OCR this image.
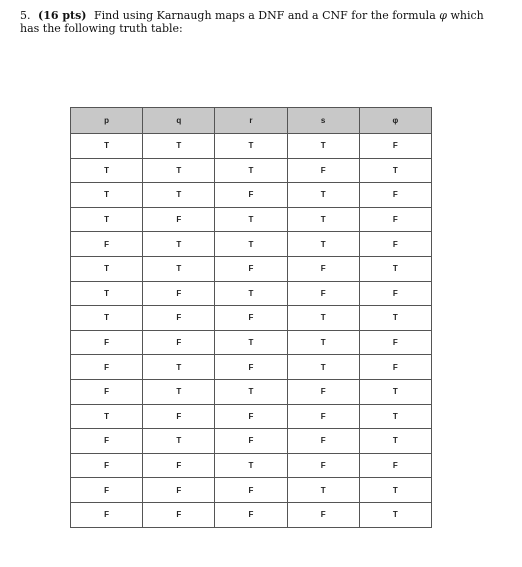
5. (16 pts) Find using Karnaugh maps a DNF and a CNF for the formula φ which has the following truth table:
p	q	r	s	φ
T	T	T	T	F
T	T	T	F	T
T	T	F	T	F
T	F	T	T	F
F	T	T	T	F
T	T	F	F	T
T	F	T	F	F
T	F	F	T	T
F	F	T	T	F
F	T	F	T	F
F	T	T	F	T
T	F	F	F	T
F	T	F	F	T
F	F	T	F	F
F	F	F	T	T
F	F	F	F	T
